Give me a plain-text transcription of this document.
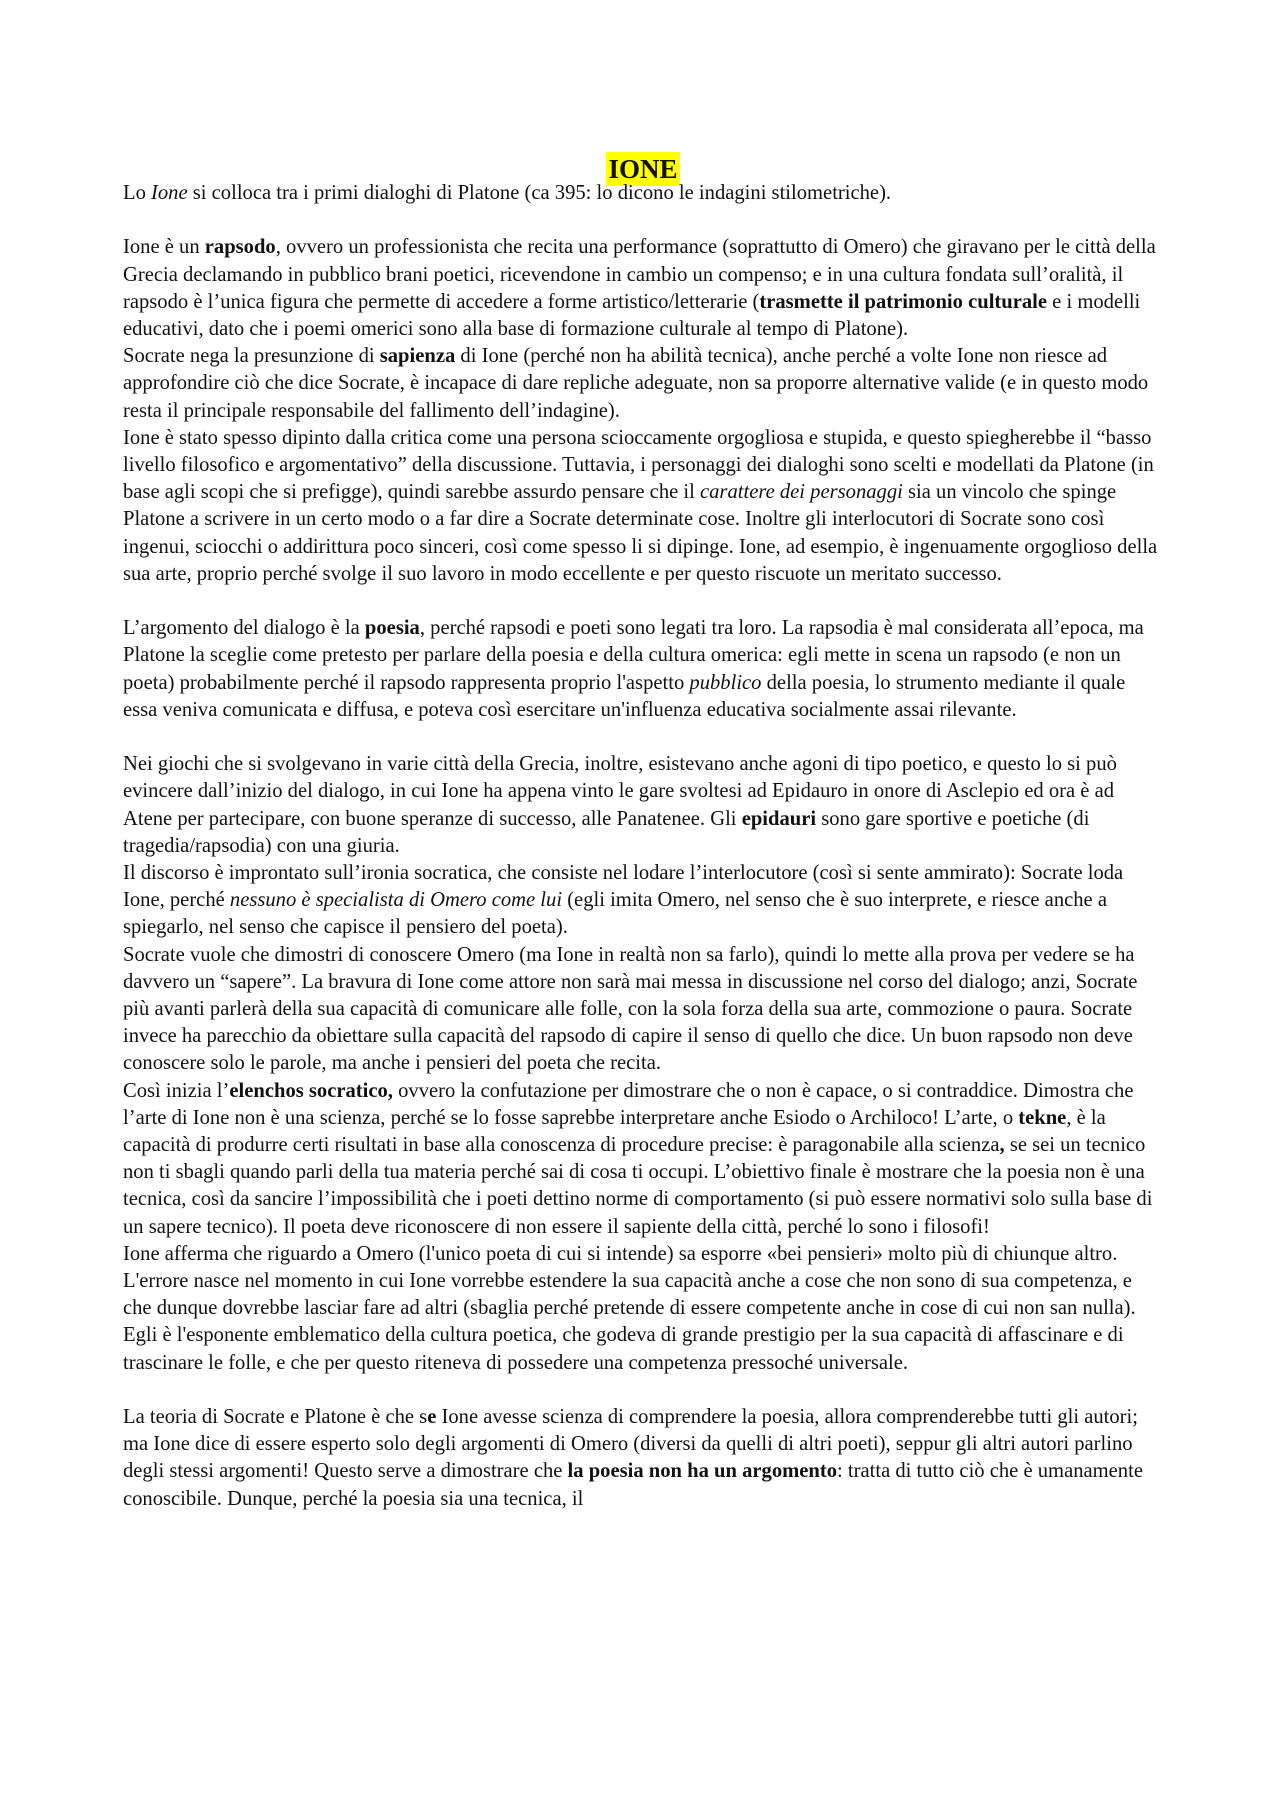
IONE

Lo Ione si colloca tra i primi dialoghi di Platone (ca 395: lo dicono le indagini stilometriche).

Ione è un rapsodo, ovvero un professionista che recita una performance (soprattutto di Omero) che giravano per le città della Grecia declamando in pubblico brani poetici, ricevendone in cambio un compenso; e in una cultura fondata sull’oralità, il rapsodo è l’unica figura che permette di accedere a forme artistico/letterarie (trasmette il patrimonio culturale e i modelli educativi, dato che i poemi omerici sono alla base di formazione culturale al tempo di Platone).

Socrate nega la presunzione di sapienza di Ione (perché non ha abilità tecnica), anche perché a volte Ione non riesce ad approfondire ciò che dice Socrate, è incapace di dare repliche adeguate, non sa proporre alternative valide (e in questo modo resta il principale responsabile del fallimento dell’indagine).

Ione è stato spesso dipinto dalla critica come una persona scioccamente orgogliosa e stupida, e questo spiegherebbe il “basso livello filosofico e argomentativo” della discussione. Tuttavia, i personaggi dei dialoghi sono scelti e modellati da Platone (in base agli scopi che si prefigge), quindi sarebbe assurdo pensare che il carattere dei personaggi sia un vincolo che spinge Platone a scrivere in un certo modo o a far dire a Socrate determinate cose. Inoltre gli interlocutori di Socrate sono così ingenui, sciocchi o addirittura poco sinceri, così come spesso li si dipinge. Ione, ad esempio, è ingenuamente orgoglioso della sua arte, proprio perché svolge il suo lavoro in modo eccellente e per questo riscuote un meritato successo.

L’argomento del dialogo è la poesia, perché rapsodi e poeti sono legati tra loro. La rapsodia è mal considerata all’epoca, ma Platone la sceglie come pretesto per parlare della poesia e della cultura omerica: egli mette in scena un rapsodo (e non un poeta) probabilmente perché il rapsodo rappresenta proprio l'aspetto pubblico della poesia, lo strumento mediante il quale essa veniva comunicata e diffusa, e poteva così esercitare un'influenza educativa socialmente assai rilevante.

Nei giochi che si svolgevano in varie città della Grecia, inoltre, esistevano anche agoni di tipo poetico, e questo lo si può evincere dall’inizio del dialogo, in cui Ione ha appena vinto le gare svoltesi ad Epidauro in onore di Asclepio ed ora è ad Atene per partecipare, con buone speranze di successo, alle Panatenee. Gli epidauri sono gare sportive e poetiche (di tragedia/rapsodia) con una giuria.

Il discorso è improntato sull’ironia socratica, che consiste nel lodare l’interlocutore (così si sente ammirato): Socrate loda Ione, perché nessuno è specialista di Omero come lui (egli imita Omero, nel senso che è suo interprete, e riesce anche a spiegarlo, nel senso che capisce il pensiero del poeta).

Socrate vuole che dimostri di conoscere Omero (ma Ione in realtà non sa farlo), quindi lo mette alla prova per vedere se ha davvero un “sapere”. La bravura di Ione come attore non sarà mai messa in discussione nel corso del dialogo; anzi, Socrate più avanti parlerà della sua capacità di comunicare alle folle, con la sola forza della sua arte, commozione o paura. Socrate invece ha parecchio da obiettare sulla capacità del rapsodo di capire il senso di quello che dice. Un buon rapsodo non deve conoscere solo le parole, ma anche i pensieri del poeta che recita.

Così inizia l’elenchos socratico, ovvero la confutazione per dimostrare che o non è capace, o si contraddice. Dimostra che l’arte di Ione non è una scienza, perché se lo fosse saprebbe interpretare anche Esiodo o Archiloco! L’arte, o tekne, è la capacità di produrre certi risultati in base alla conoscenza di procedure precise: è paragonabile alla scienza, se sei un tecnico non ti sbagli quando parli della tua materia perché sai di cosa ti occupi. L’obiettivo finale è mostrare che la poesia non è una tecnica, così da sancire l’impossibilità che i poeti dettino norme di comportamento (si può essere normativi solo sulla base di un sapere tecnico). Il poeta deve riconoscere di non essere il sapiente della città, perché lo sono i filosofi!

Ione afferma che riguardo a Omero (l'unico poeta di cui si intende) sa esporre «bei pensieri» molto più di chiunque altro. L'errore nasce nel momento in cui Ione vorrebbe estendere la sua capacità anche a cose che non sono di sua competenza, e che dunque dovrebbe lasciar fare ad altri (sbaglia perché pretende di essere competente anche in cose di cui non san nulla). Egli è l'esponente emblematico della cultura poetica, che godeva di grande prestigio per la sua capacità di affascinare e di trascinare le folle, e che per questo riteneva di possedere una competenza pressoché universale.

La teoria di Socrate e Platone è che se Ione avesse scienza di comprendere la poesia, allora comprenderebbe tutti gli autori; ma Ione dice di essere esperto solo degli argomenti di Omero (diversi da quelli di altri poeti), seppur gli altri autori parlino degli stessi argomenti! Questo serve a dimostrare che la poesia non ha un argomento: tratta di tutto ciò che è umanamente conoscibile. Dunque, perché la poesia sia una tecnica, il
